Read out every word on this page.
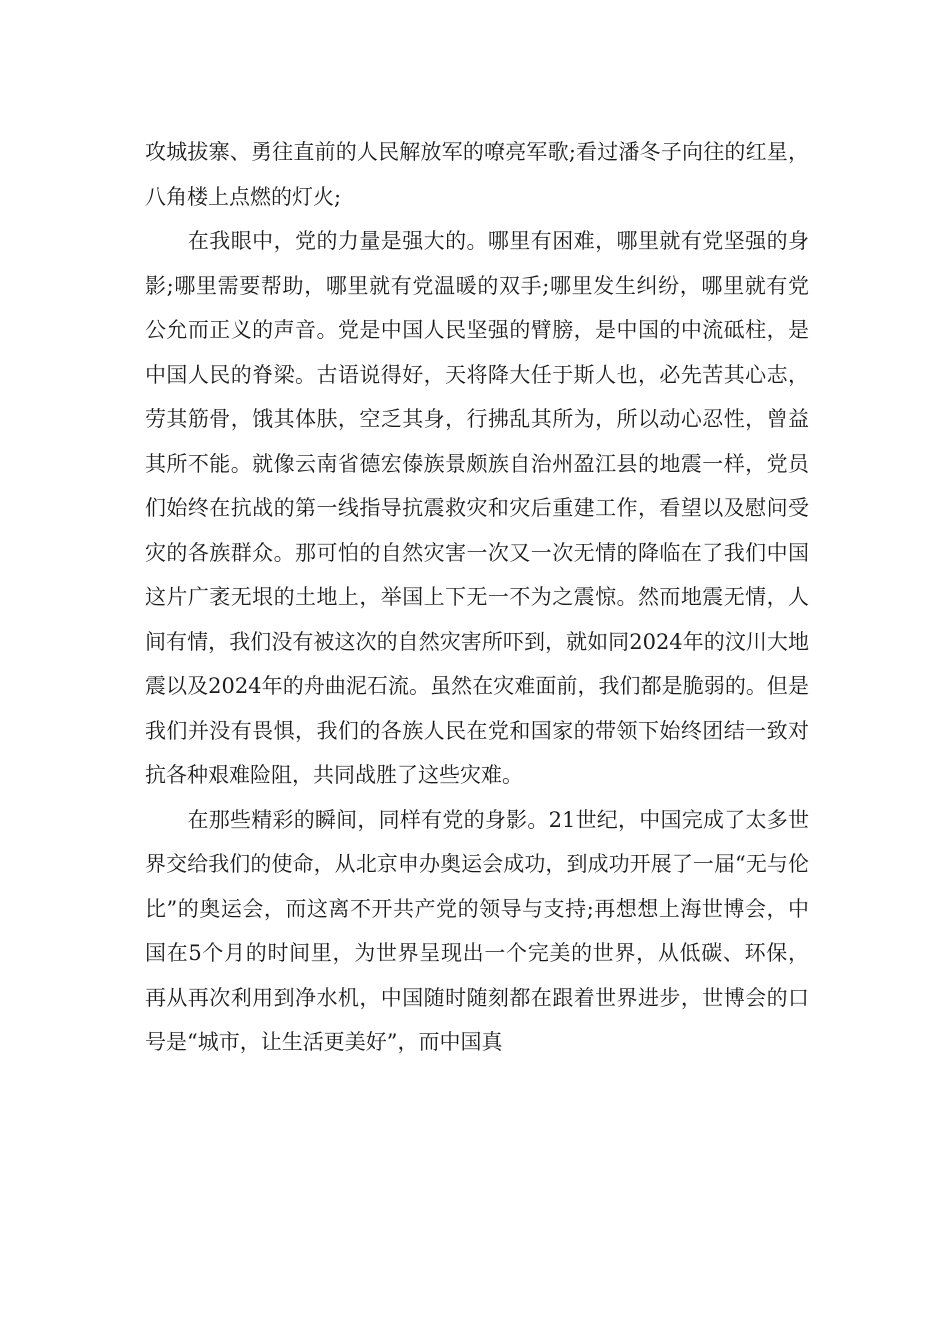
攻城拔寨、勇往直前的人民解放军的嘹亮军歌;看过潘冬子向往的红星，八角楼上点燃的灯火;

　　在我眼中，党的力量是强大的。哪里有困难，哪里就有党坚强的身影;哪里需要帮助，哪里就有党温暖的双手;哪里发生纠纷，哪里就有党公允而正义的声音。党是中国人民坚强的臂膀，是中国的中流砥柱，是中国人民的脊梁。古语说得好，天将降大任于斯人也，必先苦其心志，劳其筋骨，饿其体肤，空乏其身，行拂乱其所为，所以动心忍性，曾益其所不能。就像云南省德宏傣族景颇族自治州盈江县的地震一样，党员们始终在抗战的第一线指导抗震救灾和灾后重建工作，看望以及慰问受灾的各族群众。那可怕的自然灾害一次又一次无情的降临在了我们中国这片广袤无垠的土地上，举国上下无一不为之震惊。然而地震无情，人间有情，我们没有被这次的自然灾害所吓到，就如同2024年的汶川大地震以及2024年的舟曲泥石流。虽然在灾难面前，我们都是脆弱的。但是我们并没有畏惧，我们的各族人民在党和国家的带领下始终团结一致对抗各种艰难险阻，共同战胜了这些灾难。

　　在那些精彩的瞬间，同样有党的身影。21世纪，中国完成了太多世界交给我们的使命，从北京申办奥运会成功，到成功开展了一届“无与伦比”的奥运会，而这离不开共产党的领导与支持;再想想上海世博会，中国在5个月的时间里，为世界呈现出一个完美的世界，从低碳、环保，再从再次利用到净水机，中国随时随刻都在跟着世界进步，世博会的口号是“城市，让生活更美好”，而中国真
